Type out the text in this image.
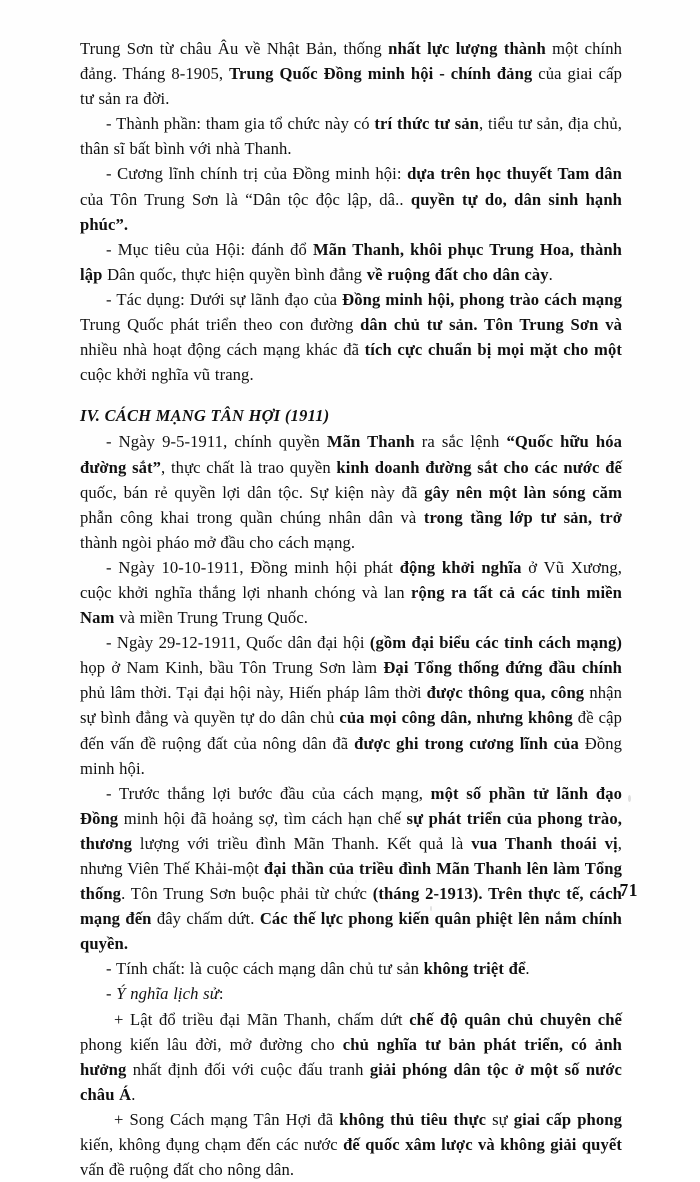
Trung Sơn từ châu Âu về Nhật Bản, thống nhất lực lượng thành một chính đảng. Tháng 8-1905, Trung Quốc Đồng minh hội - chính đảng của giai cấp tư sản ra đời.

- Thành phần: tham gia tổ chức này có trí thức tư sản, tiểu tư sản, địa chủ, thân sĩ bất bình với nhà Thanh.

- Cương lĩnh chính trị của Đồng minh hội: dựa trên học thuyết Tam dân của Tôn Trung Sơn là “Dân tộc độc lập, dâ.. quyền tự do, dân sinh hạnh phúc”.

- Mục tiêu của Hội: đánh đổ Mãn Thanh, khôi phục Trung Hoa, thành lập Dân quốc, thực hiện quyền bình đẳng về ruộng đất cho dân cày.

- Tác dụng: Dưới sự lãnh đạo của Đồng minh hội, phong trào cách mạng Trung Quốc phát triển theo con đường dân chủ tư sản. Tôn Trung Sơn và nhiều nhà hoạt động cách mạng khác đã tích cực chuẩn bị mọi mặt cho một cuộc khởi nghĩa vũ trang.

IV. CÁCH MẠNG TÂN HỢI (1911)

- Ngày 9-5-1911, chính quyền Mãn Thanh ra sắc lệnh “Quốc hữu hóa đường sắt”, thực chất là trao quyền kinh doanh đường sắt cho các nước đế quốc, bán rẻ quyền lợi dân tộc. Sự kiện này đã gây nên một làn sóng căm phẫn công khai trong quần chúng nhân dân và trong tầng lớp tư sản, trở thành ngòi pháo mở đầu cho cách mạng.

- Ngày 10-10-1911, Đồng minh hội phát động khởi nghĩa ở Vũ Xương, cuộc khởi nghĩa thắng lợi nhanh chóng và lan rộng ra tất cả các tỉnh miền Nam và miền Trung Trung Quốc.

- Ngày 29-12-1911, Quốc dân đại hội (gồm đại biểu các tỉnh cách mạng) họp ở Nam Kinh, bầu Tôn Trung Sơn làm Đại Tổng thống đứng đầu chính phủ lâm thời. Tại đại hội này, Hiến pháp lâm thời được thông qua, công nhận sự bình đẳng và quyền tự do dân chủ của mọi công dân, nhưng không đề cập đến vấn đề ruộng đất của nông dân đã được ghi trong cương lĩnh của Đồng minh hội.

- Trước thắng lợi bước đầu của cách mạng, một số phần tử lãnh đạo Đồng minh hội đã hoảng sợ, tìm cách hạn chế sự phát triển của phong trào, thương lượng với triều đình Mãn Thanh. Kết quả là vua Thanh thoái vị, nhưng Viên Thế Khải-một đại thần của triều đình Mãn Thanh lên làm Tổng thống. Tôn Trung Sơn buộc phải từ chức (tháng 2-1913). Trên thực tế, cách mạng đến đây chấm dứt. Các thế lực phong kiến quân phiệt lên nắm chính quyền.

- Tính chất: là cuộc cách mạng dân chủ tư sản không triệt để.

- Ý nghĩa lịch sử:

+ Lật đổ triều đại Mãn Thanh, chấm dứt chế độ quân chủ chuyên chế phong kiến lâu đời, mở đường cho chủ nghĩa tư bản phát triển, có ảnh hưởng nhất định đối với cuộc đấu tranh giải phóng dân tộc ở một số nước châu Á.

+ Song Cách mạng Tân Hợi đã không thủ tiêu thực sự giai cấp phong kiến, không đụng chạm đến các nước đế quốc xâm lược và không giải quyết vấn đề ruộng đất cho nông dân.

71
